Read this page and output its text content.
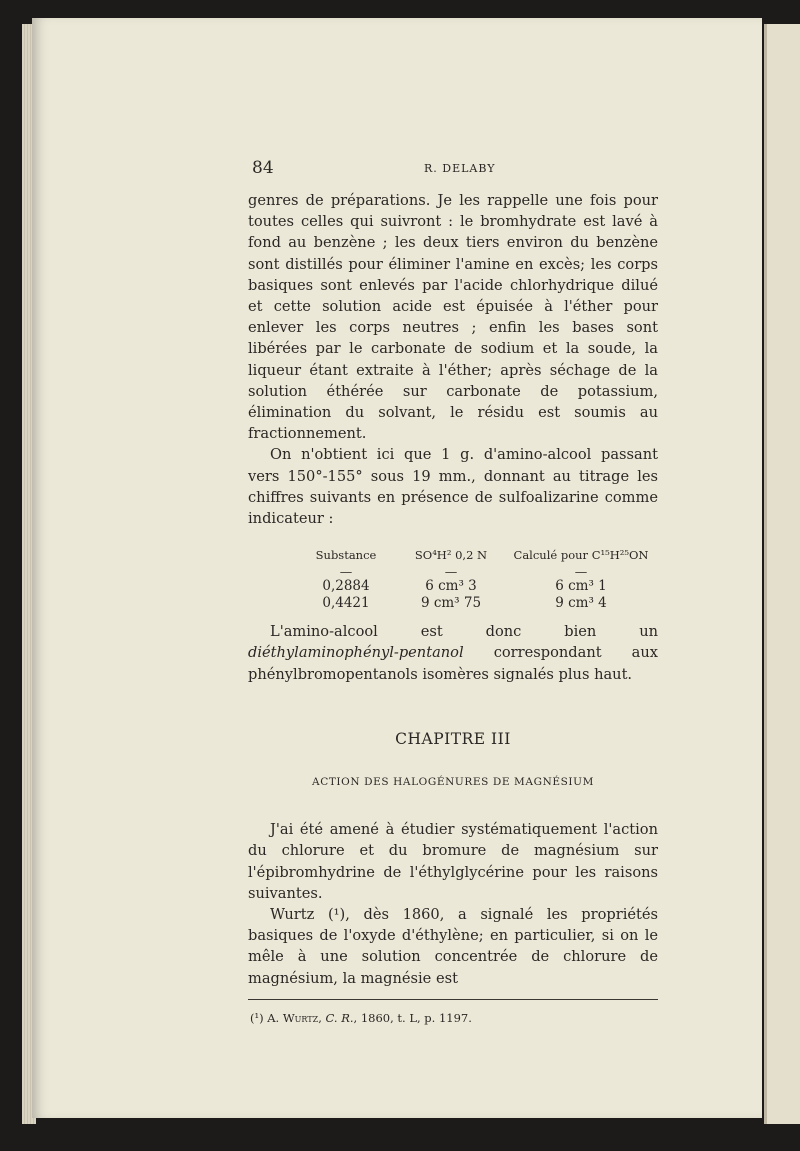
84	R. DELABY

genres de préparations. Je les rappelle une fois pour toutes celles qui suivront : le bromhydrate est lavé à fond au benzène ; les deux tiers environ du benzène sont distillés pour éliminer l'amine en excès; les corps basiques sont enlevés par l'acide chlorhydrique dilué et cette solution acide est épuisée à l'éther pour enlever les corps neutres ; enfin les bases sont libérées par le carbonate de sodium et la soude, la liqueur étant extraite à l'éther; après séchage de la solution éthérée sur carbonate de potassium, élimination du solvant, le résidu est soumis au fractionnement.

On n'obtient ici que 1 g. d'amino-alcool passant vers 150°-155° sous 19 mm., donnant au titrage les chiffres suivants en présence de sulfoalizarine comme indicateur :

Substance
—
0,2884
0,4421
SO⁴H² 0,2 N
—
6 cm³ 3
9 cm³ 75
Calculé pour C¹⁵H²⁵ON
—
6 cm³ 1
9 cm³ 4

L'amino-alcool est donc bien un diéthylaminophényl-pentanol correspondant aux phénylbromopentanols isomères signalés plus haut.

CHAPITRE III
ACTION DES HALOGÉNURES DE MAGNÉSIUM

J'ai été amené à étudier systématiquement l'action du chlorure et du bromure de magnésium sur l'épibromhydrine de l'éthylglycérine pour les raisons suivantes.

Wurtz (¹), dès 1860, a signalé les propriétés basiques de l'oxyde d'éthylène; en particulier, si on le mêle à une solution concentrée de chlorure de magnésium, la magnésie est

(¹) A. Wurtz, C. R., 1860, t. L, p. 1197.
